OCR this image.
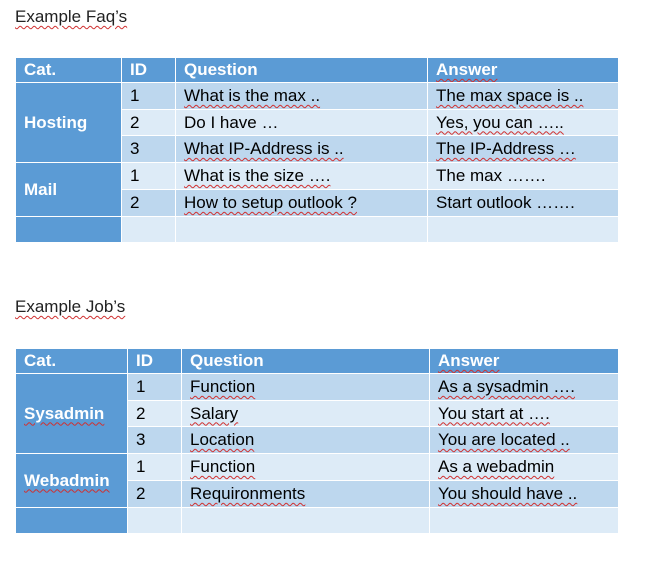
Example Faq’s
Cat.	ID	Question	Answer
Hosting	1	What is the max ..	The max space is ..
	2	Do I have …	Yes, you can …..
	3	What IP-Address is ..	The IP-Address …
Mail	1	What is the size ….	The max …….
	2	How to setup outlook ?	Start outlook …….

Example Job’s
Cat.	ID	Question	Answer
Sysadmin	1	Function	As a sysadmin ….
	2	Salary	You start at ….
	3	Location	You are located ..
Webadmin	1	Function	As a webadmin
	2	Requironments	You should have ..
